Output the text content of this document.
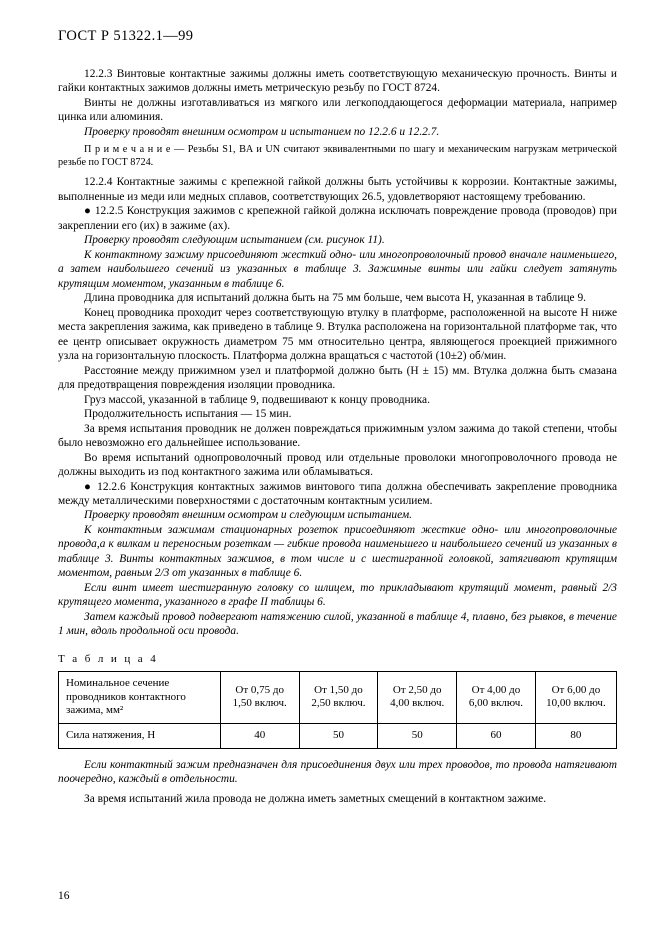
ГОСТ Р 51322.1—99

12.2.3 Винтовые контактные зажимы должны иметь соответствующую механическую прочность. Винты и гайки контактных зажимов должны иметь метрическую резьбу по ГОСТ 8724.

Винты не должны изготавливаться из мягкого или легкоподдающегося деформации материала, например цинка или алюминия.

Проверку проводят внешним осмотром и испытанием по 12.2.6 и 12.2.7.

П р и м е ч а н и е — Резьбы S1, BA и UN считают эквивалентными по шагу и механическим нагрузкам метрической резьбе по ГОСТ 8724.

12.2.4 Контактные зажимы с крепежной гайкой должны быть устойчивы к коррозии. Контактные зажимы, выполненные из меди или медных сплавов, соответствующих 26.5, удовлетворяют настоящему требованию.

● 12.2.5 Конструкция зажимов с крепежной гайкой должна исключать повреждение провода (проводов) при закреплении его (их) в зажиме (ах).

Проверку проводят следующим испытанием (см. рисунок 11).

К контактному зажиму присоединяют жесткий одно- или многопроволочный провод вначале наименьшего, а затем наибольшего сечений из указанных в таблице 3. Зажимные винты или гайки следует затянуть крутящим моментом, указанным в таблице 6.

Длина проводника для испытаний должна быть на 75 мм больше, чем высота Н, указанная в таблице 9.

Конец проводника проходит через соответствующую втулку в платформе, расположенной на высоте Н ниже места закрепления зажима, как приведено в таблице 9. Втулка расположена на горизонтальной платформе так, что ее центр описывает окружность диаметром 75 мм относительно центра, являющегося проекцией прижимного узла на горизонтальную плоскость. Платформа должна вращаться с частотой (10±2) об/мин.

Расстояние между прижимном узел и платформой должно быть (Н ± 15) мм. Втулка должна быть смазана для предотвращения повреждения изоляции проводника.

Груз массой, указанной в таблице 9, подвешивают к концу проводника.

Продолжительность испытания — 15 мин.

За время испытания проводник не должен повреждаться прижимным узлом зажима до такой степени, чтобы было невозможно его дальнейшее использование.

Во время испытаний однопроволочный провод или отдельные проволоки многопроволочного провода не должны выходить из под контактного зажима или обламываться.

● 12.2.6 Конструкция контактных зажимов винтового типа должна обеспечивать закрепление проводника между металлическими поверхностями с достаточным контактным усилием.

Проверку проводят внешним осмотром и следующим испытанием.

К контактным зажимам стационарных розеток присоединяют жесткие одно- или многопроволочные провода,а к вилкам и переносным розеткам — гибкие провода наименьшего и наибольшего сечений из указанных в таблице 3. Винты контактных зажимов, в том числе и с шестигранной головкой, затягивают крутящим моментом, равным 2/3 от указанных в таблице 6.

Если винт имеет шестигранную головку со шлицем, то прикладывают крутящий момент, равный 2/3 крутящего момента, указанного в графе II таблицы 6.

Затем каждый провод подвергают натяжению силой, указанной в таблице 4, плавно, без рывков, в течение 1 мин, вдоль продольной оси провода.

Т а б л и ц а 4
Номинальное сечение проводников контактного зажима, мм²	От 0,75 до 1,50 включ.	От 1,50 до 2,50 включ.	От 2,50 до 4,00 включ.	От 4,00 до 6,00 включ.	От 6,00 до 10,00 включ.
Сила натяжения, Н	40	50	50	60	80

Если контактный зажим предназначен для присоединения двух или трех проводов, то провода натягивают поочередно, каждый в отдельности.

За время испытаний жила провода не должна иметь заметных смещений в контактном зажиме.

16
